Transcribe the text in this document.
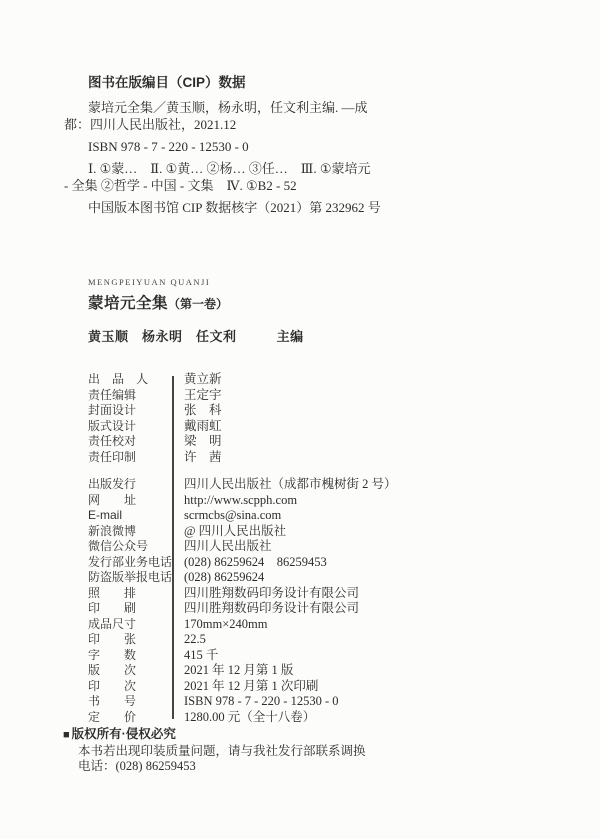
图书在版编目（CIP）数据

蒙培元全集／黄玉顺，杨永明，任文利主编. —成
都：四川人民出版社，2021.12

ISBN 978 - 7 - 220 - 12530 - 0

Ⅰ. ①蒙…　Ⅱ. ①黄… ②杨… ③任…　Ⅲ. ①蒙培元
- 全集 ②哲学 - 中国 - 文集　Ⅳ. ①B2 - 52

中国版本图书馆 CIP 数据核字（2021）第 232962 号

MENGPEIYUAN QUANJI
蒙培元全集（第一卷）
黄玉顺　杨永明　任文利	主编
出　品　人	黄立新
责任编辑	王定宇
封面设计	张　科
版式设计	戴雨虹
责任校对	梁　明
责任印制	许　茜
出版发行	四川人民出版社（成都市槐树街 2 号）
网　　址	http://www.scpph.com
E-mail	scrmcbs@sina.com
新浪微博	@ 四川人民出版社
微信公众号	四川人民出版社
发行部业务电话 (028) 86259624　86259453
防盗版举报电话 (028) 86259624
照　　排	四川胜翔数码印务设计有限公司
印　　刷	四川胜翔数码印务设计有限公司
成品尺寸	170mm×240mm
印　　张	22.5
字　　数	415 千
版　　次	2021 年 12 月第 1 版
印　　次	2021 年 12 月第 1 次印刷
书　　号	ISBN 978 - 7 - 220 - 12530 - 0
定　　价	1280.00 元（全十八卷）
■ 版权所有·侵权必究
本书若出现印装质量问题，请与我社发行部联系调换
电话：(028) 86259453
